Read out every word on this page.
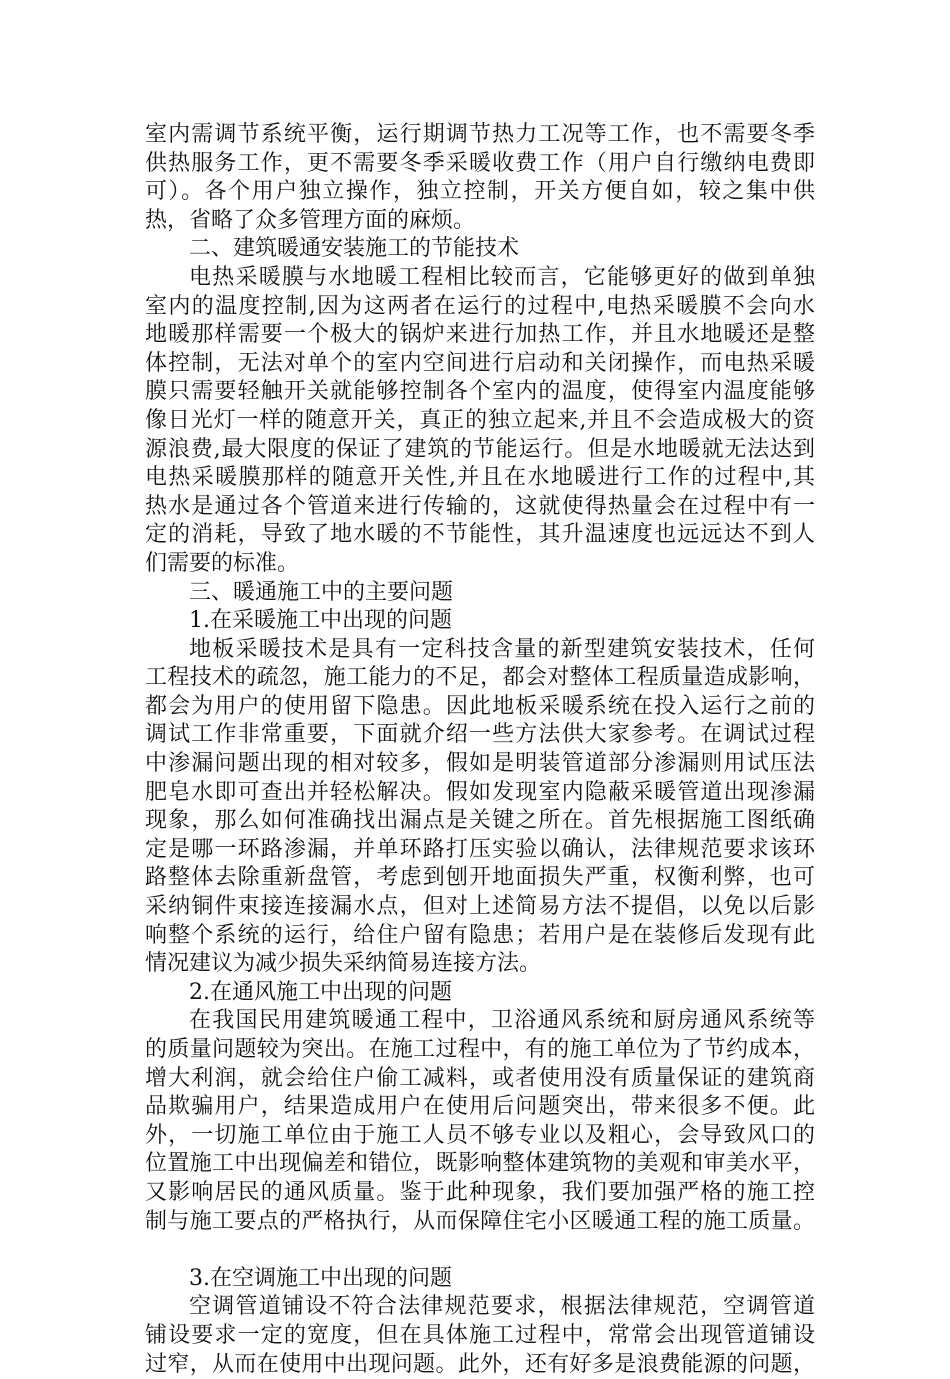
室内需调节系统平衡，运行期调节热力工况等工作，也不需要冬季
供热服务工作，更不需要冬季采暖收费工作（用户自行缴纳电费即
可）。各个用户独立操作，独立控制，开关方便自如，较之集中供
热，省略了众多管理方面的麻烦。
二、建筑暖通安装施工的节能技术
电热采暖膜与水地暖工程相比较而言，它能够更好的做到单独
室内的温度控制,因为这两者在运行的过程中,电热采暖膜不会向水
地暖那样需要一个极大的锅炉来进行加热工作，并且水地暖还是整
体控制，无法对单个的室内空间进行启动和关闭操作，而电热采暖
膜只需要轻触开关就能够控制各个室内的温度，使得室内温度能够
像日光灯一样的随意开关，真正的独立起来,并且不会造成极大的资
源浪费,最大限度的保证了建筑的节能运行。但是水地暖就无法达到
电热采暖膜那样的随意开关性,并且在水地暖进行工作的过程中,其
热水是通过各个管道来进行传输的，这就使得热量会在过程中有一
定的消耗，导致了地水暖的不节能性，其升温速度也远远达不到人
们需要的标准。
三、暖通施工中的主要问题
1.在采暖施工中出现的问题
地板采暖技术是具有一定科技含量的新型建筑安装技术，任何
工程技术的疏忽，施工能力的不足，都会对整体工程质量造成影响，
都会为用户的使用留下隐患。因此地板采暖系统在投入运行之前的
调试工作非常重要，下面就介绍一些方法供大家参考。在调试过程
中渗漏问题出现的相对较多，假如是明装管道部分渗漏则用试压法
肥皂水即可查出并轻松解决。假如发现室内隐蔽采暖管道出现渗漏
现象，那么如何准确找出漏点是关键之所在。首先根据施工图纸确
定是哪一环路渗漏，并单环路打压实验以确认，法律规范要求该环
路整体去除重新盘管，考虑到刨开地面损失严重，权衡利弊，也可
采纳铜件束接连接漏水点，但对上述简易方法不提倡，以免以后影
响整个系统的运行，给住户留有隐患；若用户是在装修后发现有此
情况建议为减少损失采纳简易连接方法。
2.在通风施工中出现的问题
在我国民用建筑暖通工程中，卫浴通风系统和厨房通风系统等
的质量问题较为突出。在施工过程中，有的施工单位为了节约成本，
增大利润，就会给住户偷工减料，或者使用没有质量保证的建筑商
品欺骗用户，结果造成用户在使用后问题突出，带来很多不便。此
外，一切施工单位由于施工人员不够专业以及粗心，会导致风口的
位置施工中出现偏差和错位，既影响整体建筑物的美观和审美水平，
又影响居民的通风质量。鉴于此种现象，我们要加强严格的施工控
制与施工要点的严格执行，从而保障住宅小区暖通工程的施工质量。
3.在空调施工中出现的问题
空调管道铺设不符合法律规范要求，根据法律规范，空调管道
铺设要求一定的宽度，但在具体施工过程中，常常会出现管道铺设
过窄，从而在使用中出现问题。此外，还有好多是浪费能源的问题，
